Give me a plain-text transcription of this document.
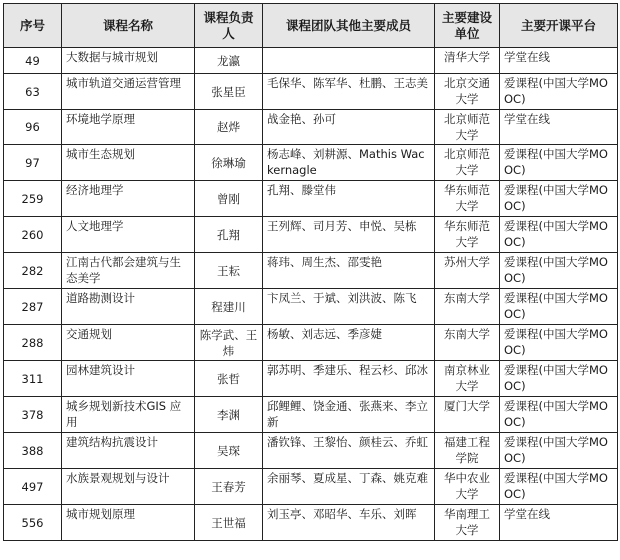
序号	课程名称	课程负责人	课程团队其他主要成员	主要建设单位	主要开课平台
49	大数据与城市规划	龙瀛		清华大学	学堂在线
63	城市轨道交通运营管理	张星臣	毛保华、陈军华、杜鹏、王志美	北京交通大学	爱课程(中国大学MOOC)
96	环境地学原理	赵烨	战金艳、孙可	北京师范大学	学堂在线
97	城市生态规划	徐琳瑜	杨志峰、刘耕源、Mathis Wackernagle	北京师范大学	爱课程(中国大学MOOC)
259	经济地理学	曾刚	孔翔、滕堂伟	华东师范大学	爱课程(中国大学MOOC)
260	人文地理学	孔翔	王列辉、司月芳、申悦、吴栋	华东师范大学	爱课程(中国大学MOOC)
282	江南古代都会建筑与生态美学	王耘	蒋玮、周生杰、邵雯艳	苏州大学	爱课程(中国大学MOOC)
287	道路勘测设计	程建川	卞凤兰、于斌、刘洪波、陈飞	东南大学	爱课程(中国大学MOOC)
288	交通规划	陈学武、王炜	杨敏、刘志远、季彦婕	东南大学	爱课程(中国大学MOOC)
311	园林建筑设计	张哲	郭苏明、季建乐、程云杉、邱冰	南京林业大学	爱课程(中国大学MOOC)
378	城乡规划新技术GIS 应用	李渊	邱鲤鲤、饶金通、张燕来、李立新	厦门大学	爱课程(中国大学MOOC)
388	建筑结构抗震设计	吴琛	潘钦锋、王黎怡、颜桂云、乔虹	福建工程学院	爱课程(中国大学MOOC)
497	水族景观规划与设计	王春芳	余丽琴、夏成星、丁森、姚克难	华中农业大学	爱课程(中国大学MOOC)
556	城市规划原理	王世福	刘玉亭、邓昭华、车乐、刘晖	华南理工大学	学堂在线
